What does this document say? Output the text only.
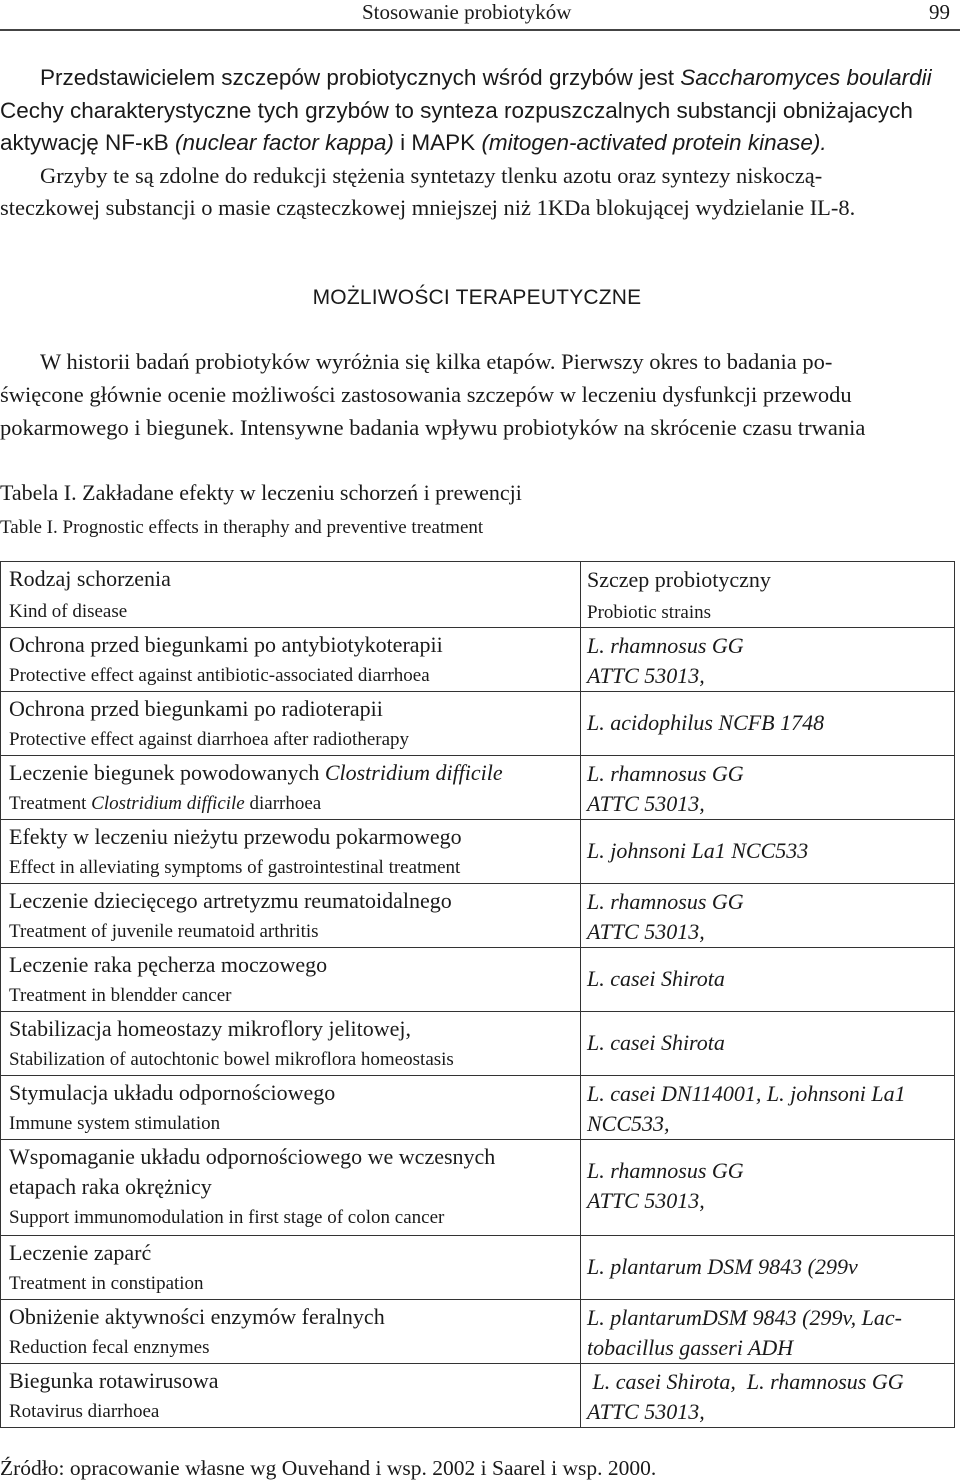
Stosowanie probiotyków	99
Przedstawicielem szczepów probiotycznych wśród grzybów jest Saccharomyces boulardii
Cechy charakterystyczne tych grzybów to synteza rozpuszczalnych substancji obniżajacych
aktywację NF-κB (nuclear factor kappa) i MAPK (mitogen-activated protein kinase).
Grzyby te są zdolne do redukcji stężenia syntetazy tlenku azotu oraz syntezy niskoczą-
steczkowej substancji o masie cząsteczkowej mniejszej niż 1KDa blokującej wydzielanie IL-8.
MOŻLIWOŚCI TERAPEUTYCZNE
W historii badań probiotyków wyróżnia się kilka etapów. Pierwszy okres to badania po-
święcone głównie ocenie możliwości zastosowania szczepów w leczeniu dysfunkcji przewodu
pokarmowego i biegunek. Intensywne badania wpływu probiotyków na skrócenie czasu trwania
Tabela I. Zakładane efekty w leczeniu schorzeń i prewencji
Table I. Prognostic effects in theraphy and preventive treatment
Rodzaj schorzenia
Kind of disease	Szczep probiotyczny
Probiotic strains

Ochrona przed biegunkami po antybiotykoterapii
Protective effect against antibiotic-associated diarrhoea	L. rhamnosus GG
ATTC 53013,

Ochrona przed biegunkami po radioterapii
Protective effect against diarrhoea after radiotherapy	L. acidophilus NCFB 1748

Leczenie biegunek powodowanych Clostridium difficile
Treatment Clostridium difficile diarrhoea	L. rhamnosus GG
ATTC 53013,

Efekty w leczeniu nieżytu przewodu pokarmowego
Effect in alleviating symptoms of gastrointestinal treatment	L. johnsoni La1 NCC533

Leczenie dziecięcego artretyzmu reumatoidalnego
Treatment of juvenile reumatoid arthritis	L. rhamnosus GG
ATTC 53013,

Leczenie raka pęcherza moczowego
Treatment in blendder cancer	L. casei Shirota

Stabilizacja homeostazy mikroflory jelitowej,
Stabilization of autochtonic bowel mikroflora homeostasis	L. casei Shirota

Stymulacja układu odpornościowego
Immune system stimulation	L. casei DN114001, L. johnsoni La1
NCC533,

Wspomaganie układu odpornościowego we wczesnych
etapach raka okrężnicy
Support immunomodulation in first stage of colon cancer	L. rhamnosus GG
ATTC 53013,

Leczenie zaparć
Treatment in constipation	L. plantarum DSM 9843 (299v

Obniżenie aktywności enzymów feralnych
Reduction fecal enznymes	L. plantarumDSM 9843 (299v, Lac-
tobacillus gasseri ADH

Biegunka rotawirusowa
Rotavirus diarrhoea	L. casei Shirota,  L. rhamnosus GG
ATTC 53013,
Źródło: opracowanie własne wg Ouvehand i wsp. 2002 i Saarel i wsp. 2000.
